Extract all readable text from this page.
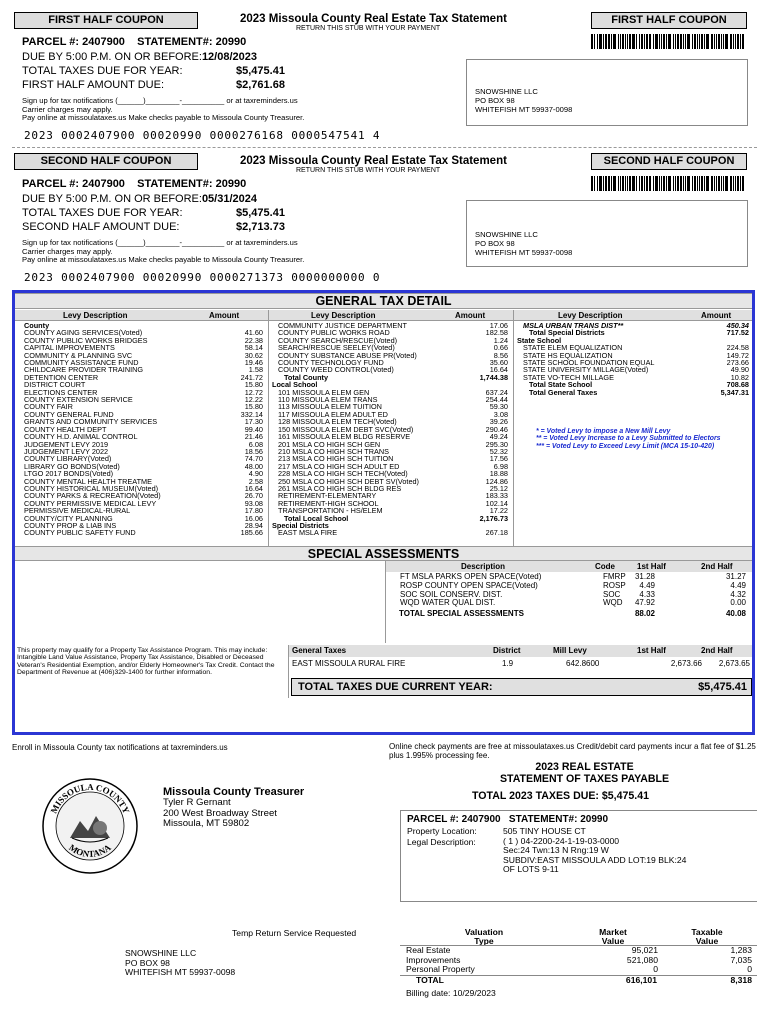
FIRST HALF COUPON	2023 Missoula County Real Estate Tax Statement
RETURN THIS STUB WITH YOUR PAYMENT
FIRST HALF COUPON
PARCEL #: 2407900 STATEMENT#: 20990
DUE BY 5:00 P.M. ON OR BEFORE:12/08/2023
TOTAL TAXES DUE FOR YEAR:	$5,475.41
FIRST HALF AMOUNT DUE:	$2,761.68
Sign up for tax notifications (______)________-__________ or at taxreminders.us
Carrier charges may apply.
Pay online at missoulataxes.us Make checks payable to Missoula County Treasurer.
SNOWSHINE LLC
PO BOX 98
WHITEFISH MT 59937-0098
2023 0002407900 00020990 0000276168 0000547541 4
SECOND HALF COUPON	2023 Missoula County Real Estate Tax Statement
RETURN THIS STUB WITH YOUR PAYMENT
SECOND HALF COUPON
PARCEL #: 2407900 STATEMENT#: 20990
DUE BY 5:00 P.M. ON OR BEFORE:05/31/2024
TOTAL TAXES DUE FOR YEAR:	$5,475.41
SECOND HALF AMOUNT DUE:	$2,713.73
Sign up for tax notifications (______)________-__________ or at taxreminders.us
Carrier charges may apply.
Pay online at missoulataxes.us Make checks payable to Missoula County Treasurer.
SNOWSHINE LLC
PO BOX 98
WHITEFISH MT 59937-0098
2023 0002407900 00020990 0000271373 0000000000 0
GENERAL TAX DETAIL
Levy Description	Amount	Levy Description	Amount	Levy Description	Amount
County
COUNTY AGING SERVICES(Voted)	41.60
COUNTY PUBLIC WORKS BRIDGES	22.38
CAPITAL IMPROVEMENTS	58.14
COMMUNITY & PLANNING SVC	30.62
COMMUNITY ASSISTANCE FUND	19.46
CHILDCARE PROVIDER TRAINING	1.58
DETENTION CENTER	241.72
DISTRICT COURT	15.80
ELECTIONS CENTER	12.72
COUNTY EXTENSION SERVICE	12.22
COUNTY FAIR	15.80
COUNTY GENERAL FUND	332.14
GRANTS AND COMMUNITY SERVICES	17.30
COUNTY HEALTH DEPT	99.40
COUNTY H.D. ANIMAL CONTROL	21.46
JUDGEMENT LEVY 2019	6.08
JUDGEMENT LEVY 2022	18.56
COUNTY LIBRARY(Voted)	74.70
LIBRARY GO BONDS(Voted)	48.00
LTGO 2017 BONDS(Voted)	4.90
COUNTY MENTAL HEALTH TREATME	2.58
COUNTY HISTORICAL MUSEUM(Voted)	16.64
COUNTY PARKS & RECREATION(Voted)	26.70
COUNTY PERMISSIVE MEDICAL LEVY	93.08
PERMISSIVE MEDICAL-RURAL	17.80
COUNTY/CITY PLANNING	16.06
COUNTY PROP & LIAB INS	28.94
COUNTY PUBLIC SAFETY FUND	185.66
COMMUNITY JUSTICE DEPARTMENT	17.06
COUNTY PUBLIC WORKS ROAD	182.58
COUNTY SEARCH/RESCUE(Voted)	1.24
SEARCH/RESCUE SEELEY(Voted)	0.66
COUNTY SUBSTANCE ABUSE PR(Voted)	8.56
COUNTY TECHNOLOGY FUND	35.60
COUNTY WEED CONTROL(Voted)	16.64
Total County	1,744.38
Local School
101 MISSOULA ELEM GEN	637.24
110 MISSOULA ELEM TRANS	254.44
113 MISSOULA ELEM TUITION	59.30
117 MISSOULA ELEM ADULT ED	3.08
128 MISSOULA ELEM TECH(Voted)	39.26
150 MISSOULA ELEM DEBT SVC(Voted)	290.46
161 MISSOULA ELEM BLDG RESERVE	49.24
201 MSLA CO HIGH SCH GEN	295.30
210 MSLA CO HIGH SCH TRANS	52.32
213 MSLA CO HIGH SCH TUITION	17.56
217 MSLA CO HIGH SCH ADULT ED	6.98
228 MSLA CO HIGH SCH TECH(Voted)	18.88
250 MSLA CO HIGH SCH DEBT SV(Voted)	124.86
261 MSLA CO HIGH SCH BLDG RES	25.12
RETIREMENT-ELEMENTARY	183.33
RETIREMENT-HIGH SCHOOL	102.14
TRANSPORTATION - HS/ELEM	17.22
Total Local School	2,176.73
Special Districts
EAST MSLA FIRE	267.18
MSLA URBAN TRANS DIST**	450.34
Total Special Districts	717.52
State School
STATE ELEM EQUALIZATION	224.58
STATE HS EQUALIZATION	149.72
STATE SCHOOL FOUNDATION EQUAL	273.66
STATE UNIVERSITY MILLAGE(Voted)	49.90
STATE VO-TECH MILLAGE	10.82
Total State School	708.68
Total General Taxes	5,347.31
* = Voted Levy to impose a New Mill Levy
** = Voted Levy Increase to a Levy Submitted to Electors
*** = Voted Levy to Exceed Levy Limit (MCA 15-10-420)
SPECIAL ASSESSMENTS
Description	Code	1st Half	2nd Half
FT MSLA PARKS OPEN SPACE(Voted)	FMRP 31.28	31.27
ROSP COUNTY OPEN SPACE(Voted)	ROSP 4.49	4.49
SOC SOIL CONSERV. DIST.	SOC 4.33	4.32
WQD WATER QUAL DIST.	WQD 47.92	0.00
TOTAL SPECIAL ASSESSMENTS	88.02	40.08
This property may qualify for a Property Tax Assistance Program. This may include: Intangible Land Value Assistance, Property Tax Assistance, Disabled or Deceased Veteran's Residential Exemption, and/or Elderly Homeowner's Tax Credit. Contact the Department of Revenue at (406)329-1400 for further information.
General Taxes	District	Mill Levy	1st Half	2nd Half
EAST MISSOULA RURAL FIRE	1.9	642.8600	2,673.66 2,673.65
TOTAL TAXES DUE CURRENT YEAR:	$5,475.41
Enroll in Missoula County tax notifications at taxreminders.us	Online check payments are free at missoulataxes.us Credit/debit card payments incur a flat fee of $1.25 plus 1.995% processing fee.
MISSOULA COUNTY
MONTANA
Missoula County Treasurer
Tyler R Gernant
200 West Broadway Street
Missoula, MT 59802
2023 REAL ESTATE
STATEMENT OF TAXES PAYABLE
TOTAL 2023 TAXES DUE: $5,475.41
PARCEL #: 2407900 STATEMENT#: 20990
Property Location:	505 TINY HOUSE CT
Legal Description:	( 1 ) 04-2200-24-1-19-03-0000
Sec:24 Twn:13 N Rng:19 W
SUBDIV:EAST MISSOULA ADD LOT:19 BLK:24
OF LOTS 9-11
Temp Return Service Requested
SNOWSHINE LLC
PO BOX 98
WHITEFISH MT 59937-0098
Valuation
Type
Market
Value
Taxable
Value
Real Estate	95,021	1,283
Improvements	521,080	7,035
Personal Property	0	0
TOTAL	616,101	8,318
Billing date: 10/29/2023
